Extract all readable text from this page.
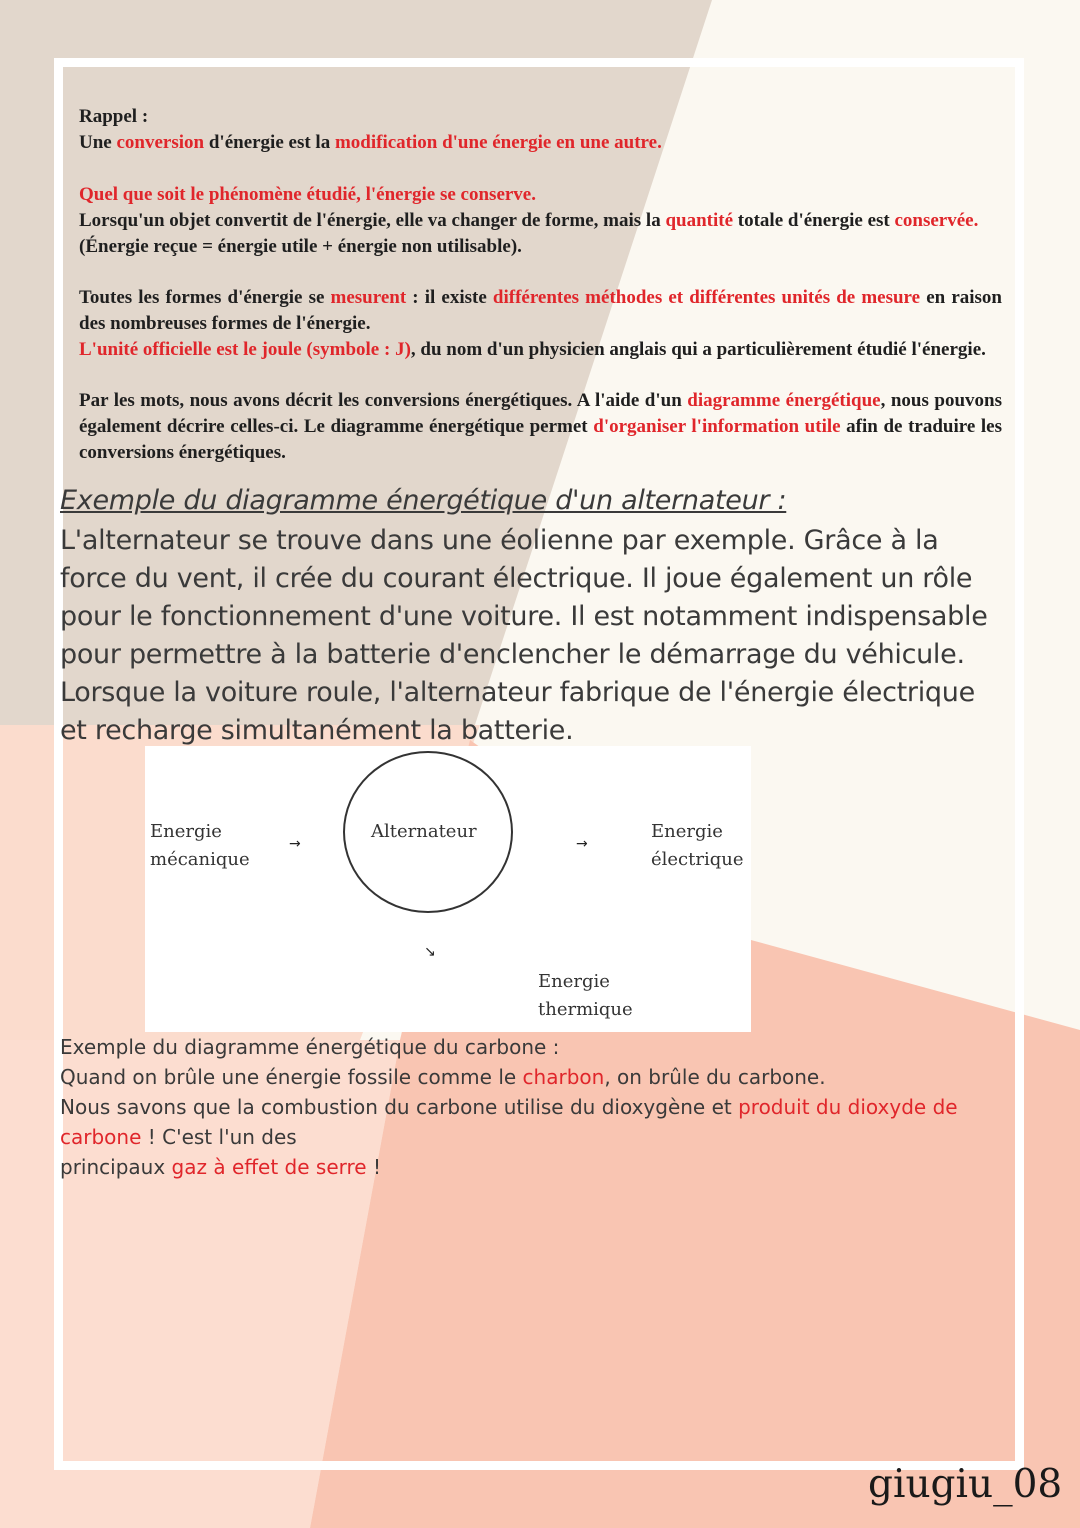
Rappel :
Une conversion d'énergie est la modification d'une énergie en une autre.
Quel que soit le phénomène étudié, l'énergie se conserve.
Lorsqu'un objet convertit de l'énergie, elle va changer de forme, mais la quantité totale d'énergie est conservée.
(Énergie reçue = énergie utile + énergie non utilisable).
Toutes les formes d'énergie se mesurent : il existe différentes méthodes et différentes unités de mesure en raison des nombreuses formes de l'énergie.
L'unité officielle est le joule (symbole : J), du nom d'un physicien anglais qui a particulièrement étudié l'énergie.
Par les mots, nous avons décrit les conversions énergétiques. A l'aide d'un diagramme énergétique, nous pouvons également décrire celles-ci. Le diagramme énergétique permet d'organiser l'information utile afin de traduire les conversions énergétiques.
Exemple du diagramme énergétique d'un alternateur :
L'alternateur se trouve dans une éolienne par exemple. Grâce à la force du vent, il crée du courant électrique. Il joue également un rôle pour le fonctionnement d'une voiture. Il est notamment indispensable pour permettre à la batterie d'enclencher le démarrage du véhicule. Lorsque la voiture roule, l'alternateur fabrique de l'énergie électrique et recharge simultanément la batterie.
Energie
mécanique
→
Alternateur
→
Energie
électrique
↘
Energie
thermique
Exemple du diagramme énergétique du carbone :
Quand on brûle une énergie fossile comme le charbon, on brûle du carbone.
Nous savons que la combustion du carbone utilise du dioxygène et produit du dioxyde de carbone ! C'est l'un des
principaux gaz à effet de serre !
giugiu_08
